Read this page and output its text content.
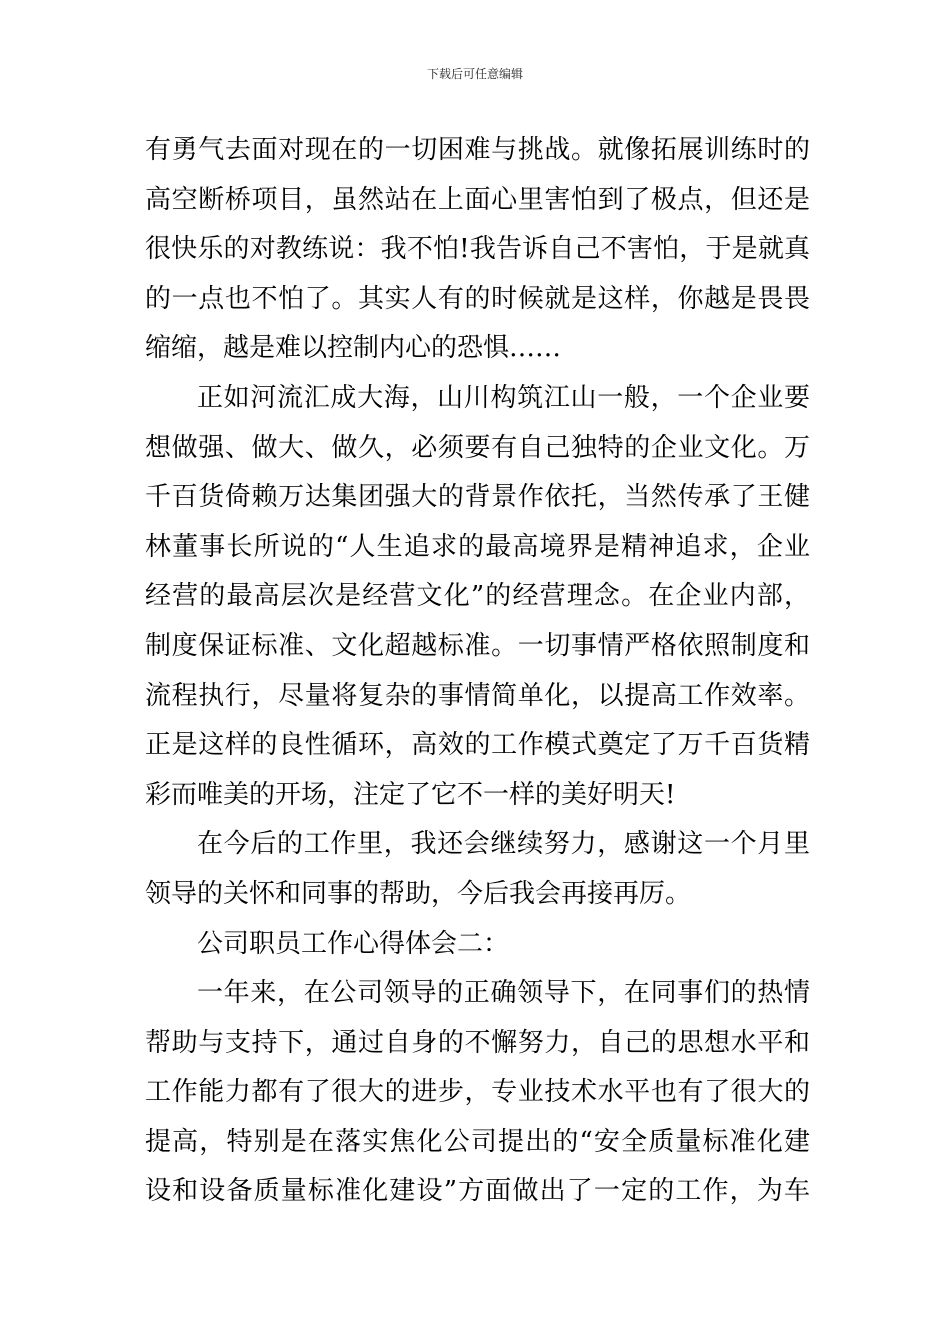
下载后可任意编辑
有勇气去面对现在的一切困难与挑战。就像拓展训练时的
高空断桥项目，虽然站在上面心里害怕到了极点，但还是
很快乐的对教练说：我不怕!我告诉自己不害怕，于是就真
的一点也不怕了。其实人有的时候就是这样，你越是畏畏
缩缩，越是难以控制内心的恐惧……
正如河流汇成大海，山川构筑江山一般，一个企业要
想做强、做大、做久，必须要有自己独特的企业文化。万
千百货倚赖万达集团强大的背景作依托，当然传承了王健
林董事长所说的“人生追求的最高境界是精神追求，企业
经营的最高层次是经营文化”的经营理念。在企业内部，
制度保证标准、文化超越标准。一切事情严格依照制度和
流程执行，尽量将复杂的事情简单化，以提高工作效率。
正是这样的良性循环，高效的工作模式奠定了万千百货精
彩而唯美的开场，注定了它不一样的美好明天!
在今后的工作里，我还会继续努力，感谢这一个月里
领导的关怀和同事的帮助，今后我会再接再厉。
公司职员工作心得体会二：
一年来，在公司领导的正确领导下，在同事们的热情
帮助与支持下，通过自身的不懈努力，自己的思想水平和
工作能力都有了很大的进步，专业技术水平也有了很大的
提高，特别是在落实焦化公司提出的“安全质量标准化建
设和设备质量标准化建设”方面做出了一定的工作，为车
